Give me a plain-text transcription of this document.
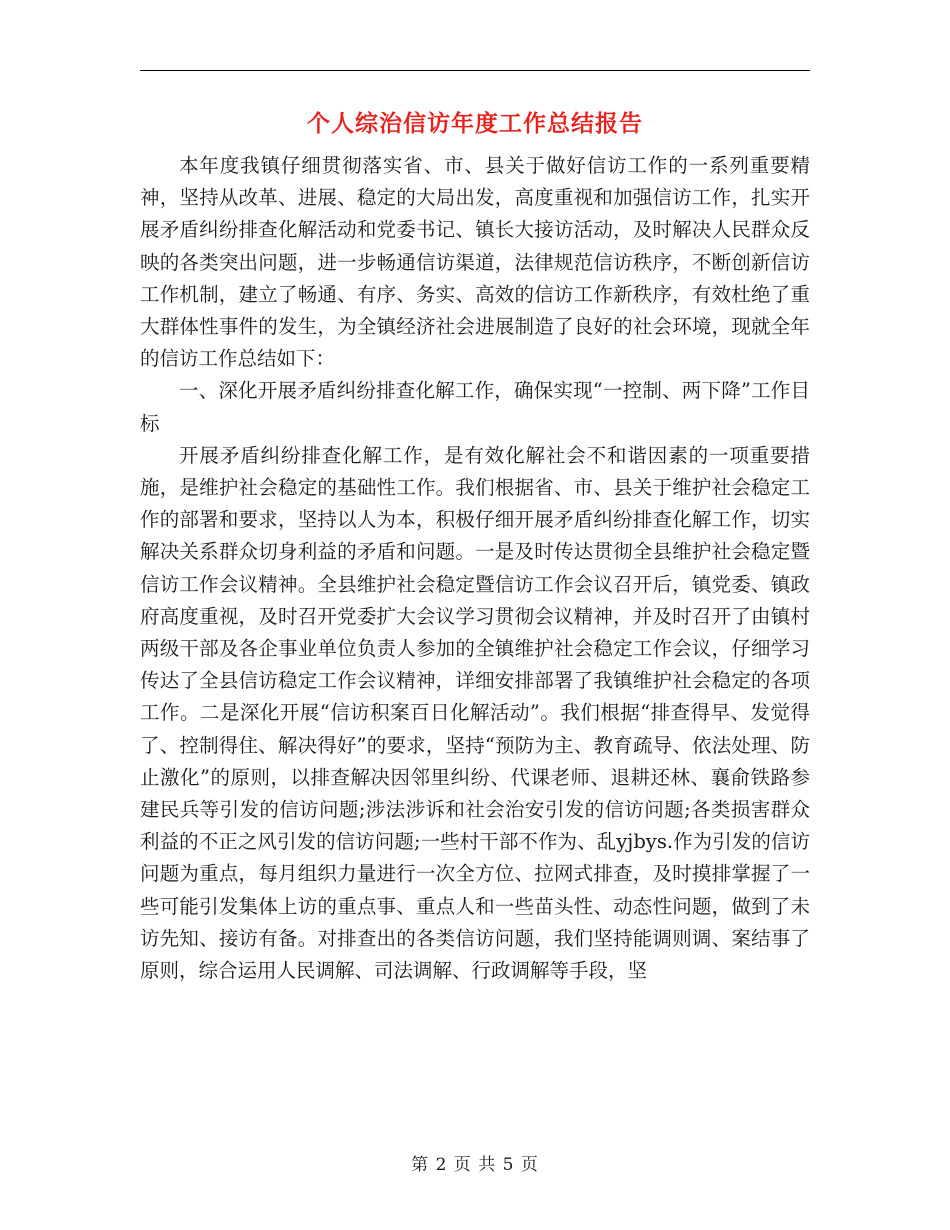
个人综治信访年度工作总结报告

本年度我镇仔细贯彻落实省、市、县关于做好信访工作的一系列重要精神，坚持从改革、进展、稳定的大局出发，高度重视和加强信访工作，扎实开展矛盾纠纷排查化解活动和党委书记、镇长大接访活动，及时解决人民群众反映的各类突出问题，进一步畅通信访渠道，法律规范信访秩序，不断创新信访工作机制，建立了畅通、有序、务实、高效的信访工作新秩序，有效杜绝了重大群体性事件的发生，为全镇经济社会进展制造了良好的社会环境，现就全年的信访工作总结如下：

一、深化开展矛盾纠纷排查化解工作，确保实现“一控制、两下降”工作目标

开展矛盾纠纷排查化解工作，是有效化解社会不和谐因素的一项重要措施，是维护社会稳定的基础性工作。我们根据省、市、县关于维护社会稳定工作的部署和要求，坚持以人为本，积极仔细开展矛盾纠纷排查化解工作，切实解决关系群众切身利益的矛盾和问题。一是及时传达贯彻全县维护社会稳定暨信访工作会议精神。全县维护社会稳定暨信访工作会议召开后，镇党委、镇政府高度重视，及时召开党委扩大会议学习贯彻会议精神，并及时召开了由镇村两级干部及各企事业单位负责人参加的全镇维护社会稳定工作会议，仔细学习传达了全县信访稳定工作会议精神，详细安排部署了我镇维护社会稳定的各项工作。二是深化开展“信访积案百日化解活动”。我们根据“排查得早、发觉得了、控制得住、解决得好”的要求，坚持“预防为主、教育疏导、依法处理、防止激化”的原则，以排查解决因邻里纠纷、代课老师、退耕还林、襄俞铁路参建民兵等引发的信访问题;涉法涉诉和社会治安引发的信访问题;各类损害群众利益的不正之风引发的信访问题;一些村干部不作为、乱yjbys.作为引发的信访问题为重点，每月组织力量进行一次全方位、拉网式排查，及时摸排掌握了一些可能引发集体上访的重点事、重点人和一些苗头性、动态性问题，做到了未访先知、接访有备。对排查出的各类信访问题，我们坚持能调则调、案结事了原则，综合运用人民调解、司法调解、行政调解等手段，坚

第 2 页 共 5 页
